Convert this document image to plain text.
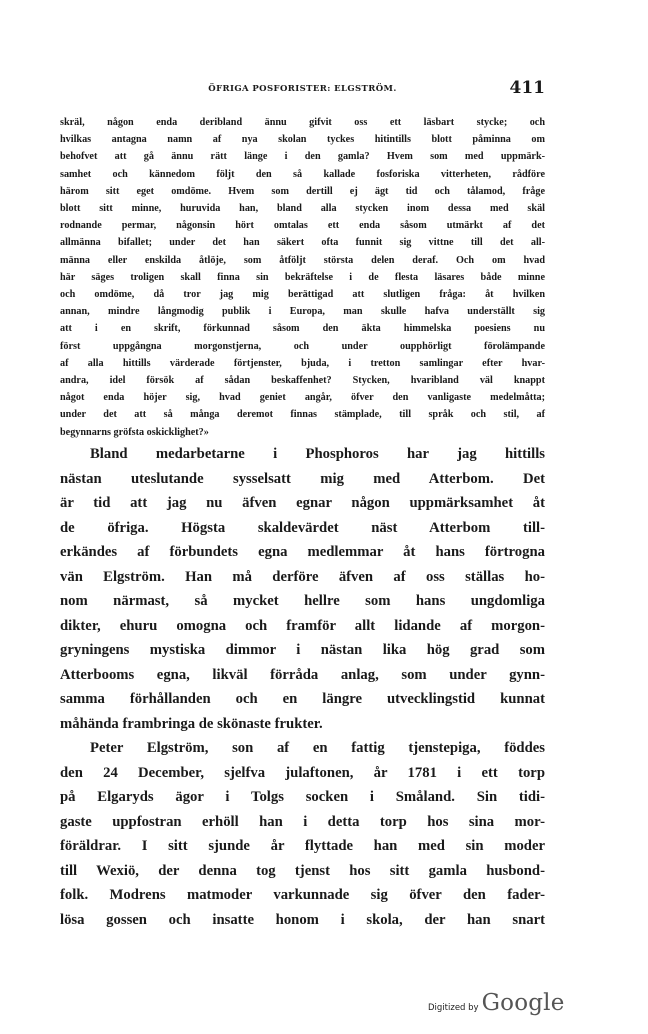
ÖFRIGA POSFORISTER: ELGSTRÖM.	411
skräl, någon enda deribland ännu gifvit oss ett läsbart stycke; och
hvilkas antagna namn af nya skolan tyckes hitintills blott påminna om
behofvet att gå ännu rätt länge i den gamla? Hvem som med uppmärk-
samhet och kännedom följt den så kallade fosforiska vitterheten, rådföre
härom sitt eget omdöme. Hvem som dertill ej ägt tid och tålamod, fråge
blott sitt minne, huruvida han, bland alla stycken inom dessa med skäl
rodnande permar, någonsin hört omtalas ett enda såsom utmärkt af det
allmänna bifallet; under det han säkert ofta funnit sig vittne till det all-
männa eller enskilda åtlöje, som åtföljt största delen deraf. Och om hvad
här säges troligen skall finna sin bekräftelse i de flesta läsares både minne
och omdöme, då tror jag mig berättigad att slutligen fråga: åt hvilken
annan, mindre långmodig publik i Europa, man skulle hafva underställt sig
att i en skrift, förkunnad såsom den äkta himmelska poesiens nu
först uppgångna morgonstjerna, och under oupphörligt förolämpande
af alla hittills värderade förtjenster, bjuda, i tretton samlingar efter hvar-
andra, idel försök af sådan beskaffenhet? Stycken, hvaribland väl knappt
något enda höjer sig, hvad geniet angår, öfver den vanligaste medelmåtta;
under det att så många deremot finnas stämplade, till språk och stil, af
begynnarns gröfsta oskicklighet?»
Bland medarbetarne i Phosphoros har jag hittills
nästan uteslutande sysselsatt mig med Atterbom. Det
är tid att jag nu äfven egnar någon uppmärksamhet åt
de öfriga. Högsta skaldevärdet näst Atterbom till-
erkändes af förbundets egna medlemmar åt hans förtrogna
vän Elgström. Han må derföre äfven af oss ställas ho-
nom närmast, så mycket hellre som hans ungdomliga
dikter, ehuru omogna och framför allt lidande af morgon-
gryningens mystiska dimmor i nästan lika hög grad som
Atterbooms egna, likväl förråda anlag, som under gynn-
samma förhållanden och en längre utvecklingstid kunnat
måhända frambringa de skönaste frukter.
Peter Elgström, son af en fattig tjenstepiga, föddes
den 24 December, sjelfva julaftonen, år 1781 i ett torp
på Elgaryds ägor i Tolgs socken i Småland. Sin tidi-
gaste uppfostran erhöll han i detta torp hos sina mor-
föräldrar. I sitt sjunde år flyttade han med sin moder
till Wexiö, der denna tog tjenst hos sitt gamla husbond-
folk. Modrens matmoder varkunnade sig öfver den fader-
lösa gossen och insatte honom i skola, der han snart
Digitized by Google
